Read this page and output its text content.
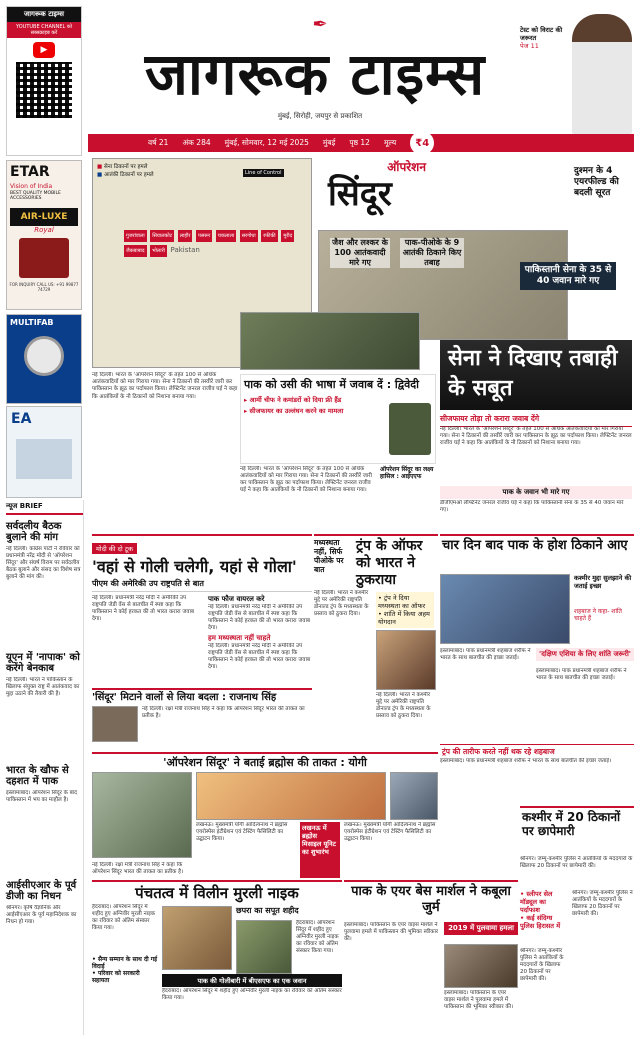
जागरूक टाइम्स
YOUTUBE CHANNEL को सब्सक्राइब करें
▶
✒
जागरूक टाइम्स
मुंबई, सिरोही, जयपुर से प्रकाशित
टेस्ट को विराट की जरूरत
पेज 11
वर्ष 21 अंक 284 मुंबई, सोमवार, 12 मई 2025 मुंबई पृष्ठ 12 मूल्य	₹4
ETAR
Vision of India
BEST QUALITY MOBILE ACCESSORIES
AIR-LUXE
Royal
FOR INQUIRY CALL US: +91 99877 74729
MULTIFAB
EA
न्यूज BRIEF
सर्वदलीय बैठक बुलाने की मांग
नई दिल्ली। कांग्रेस पार्टी ने रविवार को प्रधानमंत्री नरेंद्र मोदी से 'ऑपरेशन सिंदूर' और संघर्ष विराम पर सर्वदलीय बैठक बुलाने और संसद का विशेष सत्र बुलाने की मांग की।
यूएन में 'नापाक' को करेंगे बेनकाब
नई दिल्ली। भारत ने पाकिस्तान के खिलाफ संयुक्त राष्ट्र में आतंकवाद का मुद्दा उठाने की तैयारी की है।
भारत के खौफ से दहशत में पाक
इस्लामाबाद। ऑपरेशन सिंदूर के बाद पाकिस्तान में भय का माहौल है।
आईसीएआर के पूर्व डीजी का निधन
श्रीनगर। कृषि वैज्ञानिक और आईसीएआर के पूर्व महानिदेशक का निधन हो गया।
■ सेना ठिकानों पर हमले
■ आतंकी ठिकानों पर हमले	Line of Control
गुजरांवाला सियालकोट लाहौर पसरूर चकलाला सरगोधा रफीकी मुरीद जैकबाबाद भोलारी Pakistan
ऑपरेशन
सिंदूर
जैश और लश्कर के 100 आतंकवादी मारे गए
पाक-पीओके के 9 आतंकी ठिकाने किए तबाह
पाकिस्तानी सेना के 35 से 40 जवान मारे गए
दुश्मन के 4 एयरफील्ड की बदली सूरत
सेना ने दिखाए तबाही के सबूत
सीजफायर तोड़ा तो करारा जवाब देंगे
नई दिल्ली। भारत के 'ऑपरेशन सिंदूर' के तहत 100 से अधिक आतंकवादियों को मार गिराया गया। सेना ने ठिकानों की तस्वीरें जारी कर पाकिस्तान के झूठ का पर्दाफाश किया। लेफ्टिनेंट जनरल राजीव घई ने कहा कि आतंकियों के नौ ठिकानों को निशाना बनाया गया।
पाक के जवान भी मारे गए
डीजीएमओ लेफ्टिनेंट जनरल राजीव घई ने कहा कि पाकिस्तानी सेना के 35 से 40 जवान मारे गए।
नई दिल्ली। भारत के 'ऑपरेशन सिंदूर' के तहत 100 से अधिक आतंकवादियों को मार गिराया गया। सेना ने ठिकानों की तस्वीरें जारी कर पाकिस्तान के झूठ का पर्दाफाश किया। लेफ्टिनेंट जनरल राजीव घई ने कहा कि आतंकियों के नौ ठिकानों को निशाना बनाया गया।
पाक को उसी की भाषा में जवाब दें : द्विवेदी
▸ आर्मी चीफ ने कमांडरों को दिया फ्री हैंड
▸ सीजफायर का उल्लंघन करने का मामला
ऑपरेशन सिंदूर का लक्ष्य हासिल : आईएएफ
नई दिल्ली। भारत के 'ऑपरेशन सिंदूर' के तहत 100 से अधिक आतंकवादियों को मार गिराया गया। सेना ने ठिकानों की तस्वीरें जारी कर पाकिस्तान के झूठ का पर्दाफाश किया। लेफ्टिनेंट जनरल राजीव घई ने कहा कि आतंकियों के नौ ठिकानों को निशाना बनाया गया।
मोदी की दो टूक
'वहां से गोली चलेगी, यहां से गोला'
पीएम की अमेरिकी उप राष्ट्रपति से बात
नई दिल्ली। प्रधानमंत्री नरेंद्र मोदी ने अमेरिकी उप राष्ट्रपति जेडी वेंस से बातचीत में स्पष्ट कहा कि पाकिस्तान ने कोई हरकत की तो भारत करारा जवाब देगा।
पाक फौज वायरल करे
नई दिल्ली। प्रधानमंत्री नरेंद्र मोदी ने अमेरिकी उप राष्ट्रपति जेडी वेंस से बातचीत में स्पष्ट कहा कि पाकिस्तान ने कोई हरकत की तो भारत करारा जवाब देगा।
हम मध्यस्थता नहीं चाहते
नई दिल्ली। प्रधानमंत्री नरेंद्र मोदी ने अमेरिकी उप राष्ट्रपति जेडी वेंस से बातचीत में स्पष्ट कहा कि पाकिस्तान ने कोई हरकत की तो भारत करारा जवाब देगा।
'सिंदूर' मिटाने वालों से लिया बदला : राजनाथ सिंह
नई दिल्ली। रक्षा मंत्री राजनाथ सिंह ने कहा कि ऑपरेशन सिंदूर भारत की ताकत का प्रतीक है।
मध्यस्थता नहीं, सिर्फ पीओके पर बात
ट्रंप के ऑफर को भारत ने ठुकराया
नई दिल्ली। भारत ने कश्मीर मुद्दे पर अमेरिकी राष्ट्रपति डोनाल्ड ट्रंप के मध्यस्थता के प्रस्ताव को ठुकरा दिया।
• ट्रंप ने दिया मध्यस्थता का ऑफर
• शांति में किया अहम योगदान
नई दिल्ली। भारत ने कश्मीर मुद्दे पर अमेरिकी राष्ट्रपति डोनाल्ड ट्रंप के मध्यस्थता के प्रस्ताव को ठुकरा दिया।
चार दिन बाद पाक के होश ठिकाने आए
कश्मीर मुद्दा सुलझाने की जताई इच्छा
शहबाज ने कहा- शांति चाहते हैं
इस्लामाबाद। पाक प्रधानमंत्री शहबाज शरीफ ने भारत के साथ बातचीत की इच्छा जताई।	'दक्षिण एशिया के लिए शांति जरूरी'
इस्लामाबाद। पाक प्रधानमंत्री शहबाज शरीफ ने भारत के साथ बातचीत की इच्छा जताई।
ट्रंप की तारीफ करते नहीं थक रहे शहबाज
इस्लामाबाद। पाक प्रधानमंत्री शहबाज शरीफ ने भारत के साथ बातचीत की इच्छा जताई।
'ऑपरेशन सिंदूर' ने बताई ब्रह्मोस की ताकत : योगी
लखनऊ। मुख्यमंत्री योगी आदित्यनाथ ने ब्रह्मोस एयरोस्पेस इंटीग्रेशन एवं टेस्टिंग फैसिलिटी का उद्घाटन किया।
लखनऊ में ब्रह्मोस मिसाइल यूनिट का शुभारंभ
लखनऊ। मुख्यमंत्री योगी आदित्यनाथ ने ब्रह्मोस एयरोस्पेस इंटीग्रेशन एवं टेस्टिंग फैसिलिटी का उद्घाटन किया।
नई दिल्ली। रक्षा मंत्री राजनाथ सिंह ने कहा कि ऑपरेशन सिंदूर भारत की ताकत का प्रतीक है।
पंचतत्व में विलीन मुरली नाइक
हैदराबाद। ऑपरेशन सिंदूर में शहीद हुए अग्निवीर मुरली नाइक का रविवार को अंतिम संस्कार किया गया।
• सैन्य सम्मान के साथ दी गई विदाई
• परिवार को सरकारी सहायता
छपरा का सपूत शहीद
हैदराबाद। ऑपरेशन सिंदूर में शहीद हुए अग्निवीर मुरली नाइक का रविवार को अंतिम संस्कार किया गया।
पाक की गोलीबारी में बीएसएफ का एक जवान
हैदराबाद। ऑपरेशन सिंदूर में शहीद हुए अग्निवीर मुरली नाइक का रविवार को अंतिम संस्कार किया गया।
पाक के एयर बेस मार्शल ने कबूला जुर्म
इस्लामाबाद। पाकिस्तान के एयर वाइस मार्शल ने पुलवामा हमले में पाकिस्तान की भूमिका स्वीकार की।
2019 में पुलवामा हमला
इस्लामाबाद। पाकिस्तान के एयर वाइस मार्शल ने पुलवामा हमले में पाकिस्तान की भूमिका स्वीकार की।
कश्मीर में 20 ठिकानों पर छापेमारी
श्रीनगर। जम्मू-कश्मीर पुलिस ने आतंकियों के मददगारों के खिलाफ 20 ठिकानों पर छापेमारी की।
• स्लीपर सेल मॉड्यूल का पर्दाफाश
• कई संदिग्ध पुलिस हिरासत में
श्रीनगर। जम्मू-कश्मीर पुलिस ने आतंकियों के मददगारों के खिलाफ 20 ठिकानों पर छापेमारी की।
श्रीनगर। जम्मू-कश्मीर पुलिस ने आतंकियों के मददगारों के खिलाफ 20 ठिकानों पर छापेमारी की।
